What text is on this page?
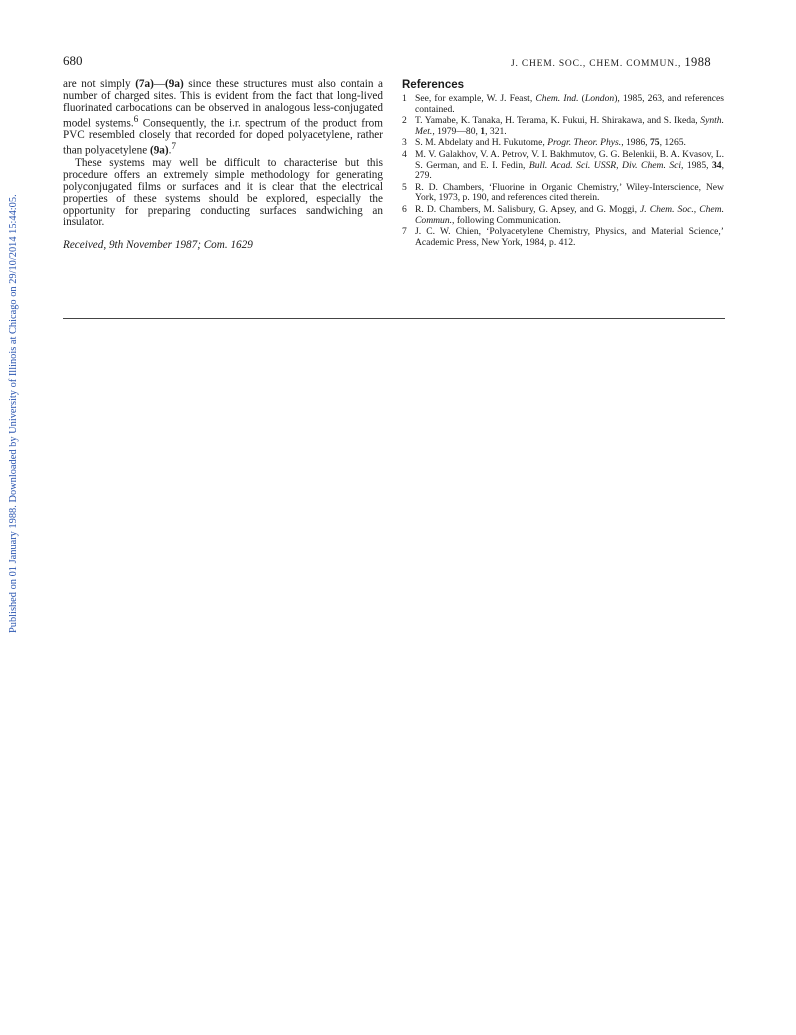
Published on 01 January 1988. Downloaded by University of Illinois at Chicago on 29/10/2014 15:44:05.
680	J. CHEM. SOC., CHEM. COMMUN., 1988

are not simply (7a)—(9a) since these structures must also contain a number of charged sites. This is evident from the fact that long-lived fluorinated carbocations can be observed in analogous less-conjugated model systems.$^6$ Consequently, the i.r. spectrum of the product from PVC resembled closely that recorded for doped polyacetylene, rather than polyacetylene (9a).$^7$

These systems may well be difficult to characterise but this procedure offers an extremely simple methodology for generating polyconjugated films or surfaces and it is clear that the electrical properties of these systems should be explored, especially the opportunity for preparing conducting surfaces sandwiching an insulator.

Received, 9th November 1987; Com. 1629

References
1 See, for example, W. J. Feast, Chem. Ind. (London), 1985, 263, and references contained.
2 T. Yamabe, K. Tanaka, H. Terama, K. Fukui, H. Shirakawa, and S. Ikeda, Synth. Met., 1979—80, 1, 321.
3 S. M. Abdelaty and H. Fukutome, Progr. Theor. Phys., 1986, 75, 1265.
4 M. V. Galakhov, V. A. Petrov, V. I. Bakhmutov, G. G. Belenkii, B. A. Kvasov, L. S. German, and E. I. Fedin, Bull. Acad. Sci. USSR, Div. Chem. Sci, 1985, 34, 279.
5 R. D. Chambers, ‘Fluorine in Organic Chemistry,’ Wiley-Interscience, New York, 1973, p. 190, and references cited therein.
6 R. D. Chambers, M. Salisbury, G. Apsey, and G. Moggi, J. Chem. Soc., Chem. Commun., following Communication.
7 J. C. W. Chien, ‘Polyacetylene Chemistry, Physics, and Material Science,’ Academic Press, New York, 1984, p. 412.
